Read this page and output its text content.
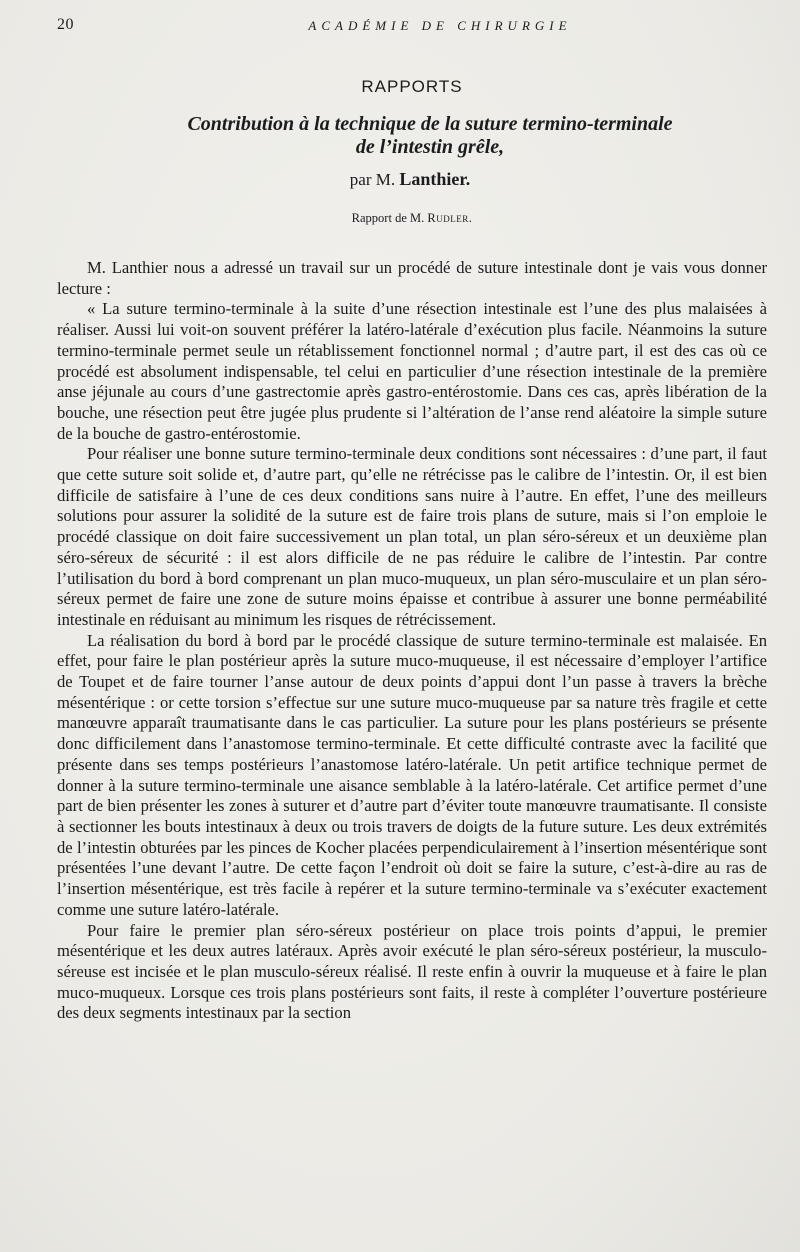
20	ACADÉMIE DE CHIRURGIE
RAPPORTS
Contribution à la technique de la suture termino-terminale
de l’intestin grêle,
par M. Lanthier.
Rapport de M. Rudler.

M. Lanthier nous a adressé un travail sur un procédé de suture intestinale dont je vais vous donner lecture :

« La suture termino-terminale à la suite d’une résection intestinale est l’une des plus malaisées à réaliser. Aussi lui voit-on souvent préférer la latéro-latérale d’exécution plus facile. Néanmoins la suture termino-terminale permet seule un rétablissement fonctionnel normal ; d’autre part, il est des cas où ce procédé est absolument indispensable, tel celui en particulier d’une résection intestinale de la première anse jéjunale au cours d’une gastrectomie après gastro-entérostomie. Dans ces cas, après libération de la bouche, une résection peut être jugée plus prudente si l’altération de l’anse rend aléatoire la simple suture de la bouche de gastro-entérostomie.

Pour réaliser une bonne suture termino-terminale deux conditions sont nécessaires : d’une part, il faut que cette suture soit solide et, d’autre part, qu’elle ne rétrécisse pas le calibre de l’intestin. Or, il est bien difficile de satisfaire à l’une de ces deux conditions sans nuire à l’autre. En effet, l’une des meilleurs solutions pour assurer la solidité de la suture est de faire trois plans de suture, mais si l’on emploie le procédé classique on doit faire successivement un plan total, un plan séro-séreux et un deuxième plan séro-séreux de sécurité : il est alors difficile de ne pas réduire le calibre de l’intestin. Par contre l’utilisation du bord à bord comprenant un plan muco-muqueux, un plan séro-musculaire et un plan séro-séreux permet de faire une zone de suture moins épaisse et contribue à assurer une bonne perméabilité intestinale en réduisant au minimum les risques de rétrécissement.

La réalisation du bord à bord par le procédé classique de suture termino-terminale est malaisée. En effet, pour faire le plan postérieur après la suture muco-muqueuse, il est nécessaire d’employer l’artifice de Toupet et de faire tourner l’anse autour de deux points d’appui dont l’un passe à travers la brèche mésentérique : or cette torsion s’effectue sur une suture muco-muqueuse par sa nature très fragile et cette manœuvre apparaît traumatisante dans le cas particulier. La suture pour les plans postérieurs se présente donc difficilement dans l’anastomose termino-terminale. Et cette difficulté contraste avec la facilité que présente dans ses temps postérieurs l’anastomose latéro-latérale. Un petit artifice technique permet de donner à la suture termino-terminale une aisance semblable à la latéro-latérale. Cet artifice permet d’une part de bien présenter les zones à suturer et d’autre part d’éviter toute manœuvre traumatisante. Il consiste à sectionner les bouts intestinaux à deux ou trois travers de doigts de la future suture. Les deux extrémités de l’intestin obturées par les pinces de Kocher placées perpendiculairement à l’insertion mésentérique sont présentées l’une devant l’autre. De cette façon l’endroit où doit se faire la suture, c’est-à-dire au ras de l’insertion mésentérique, est très facile à repérer et la suture termino-terminale va s’exécuter exactement comme une suture latéro-latérale.

Pour faire le premier plan séro-séreux postérieur on place trois points d’appui, le premier mésentérique et les deux autres latéraux. Après avoir exécuté le plan séro-séreux postérieur, la musculo-séreuse est incisée et le plan musculo-séreux réalisé. Il reste enfin à ouvrir la muqueuse et à faire le plan muco-muqueux. Lorsque ces trois plans postérieurs sont faits, il reste à compléter l’ouverture postérieure des deux segments intestinaux par la section
